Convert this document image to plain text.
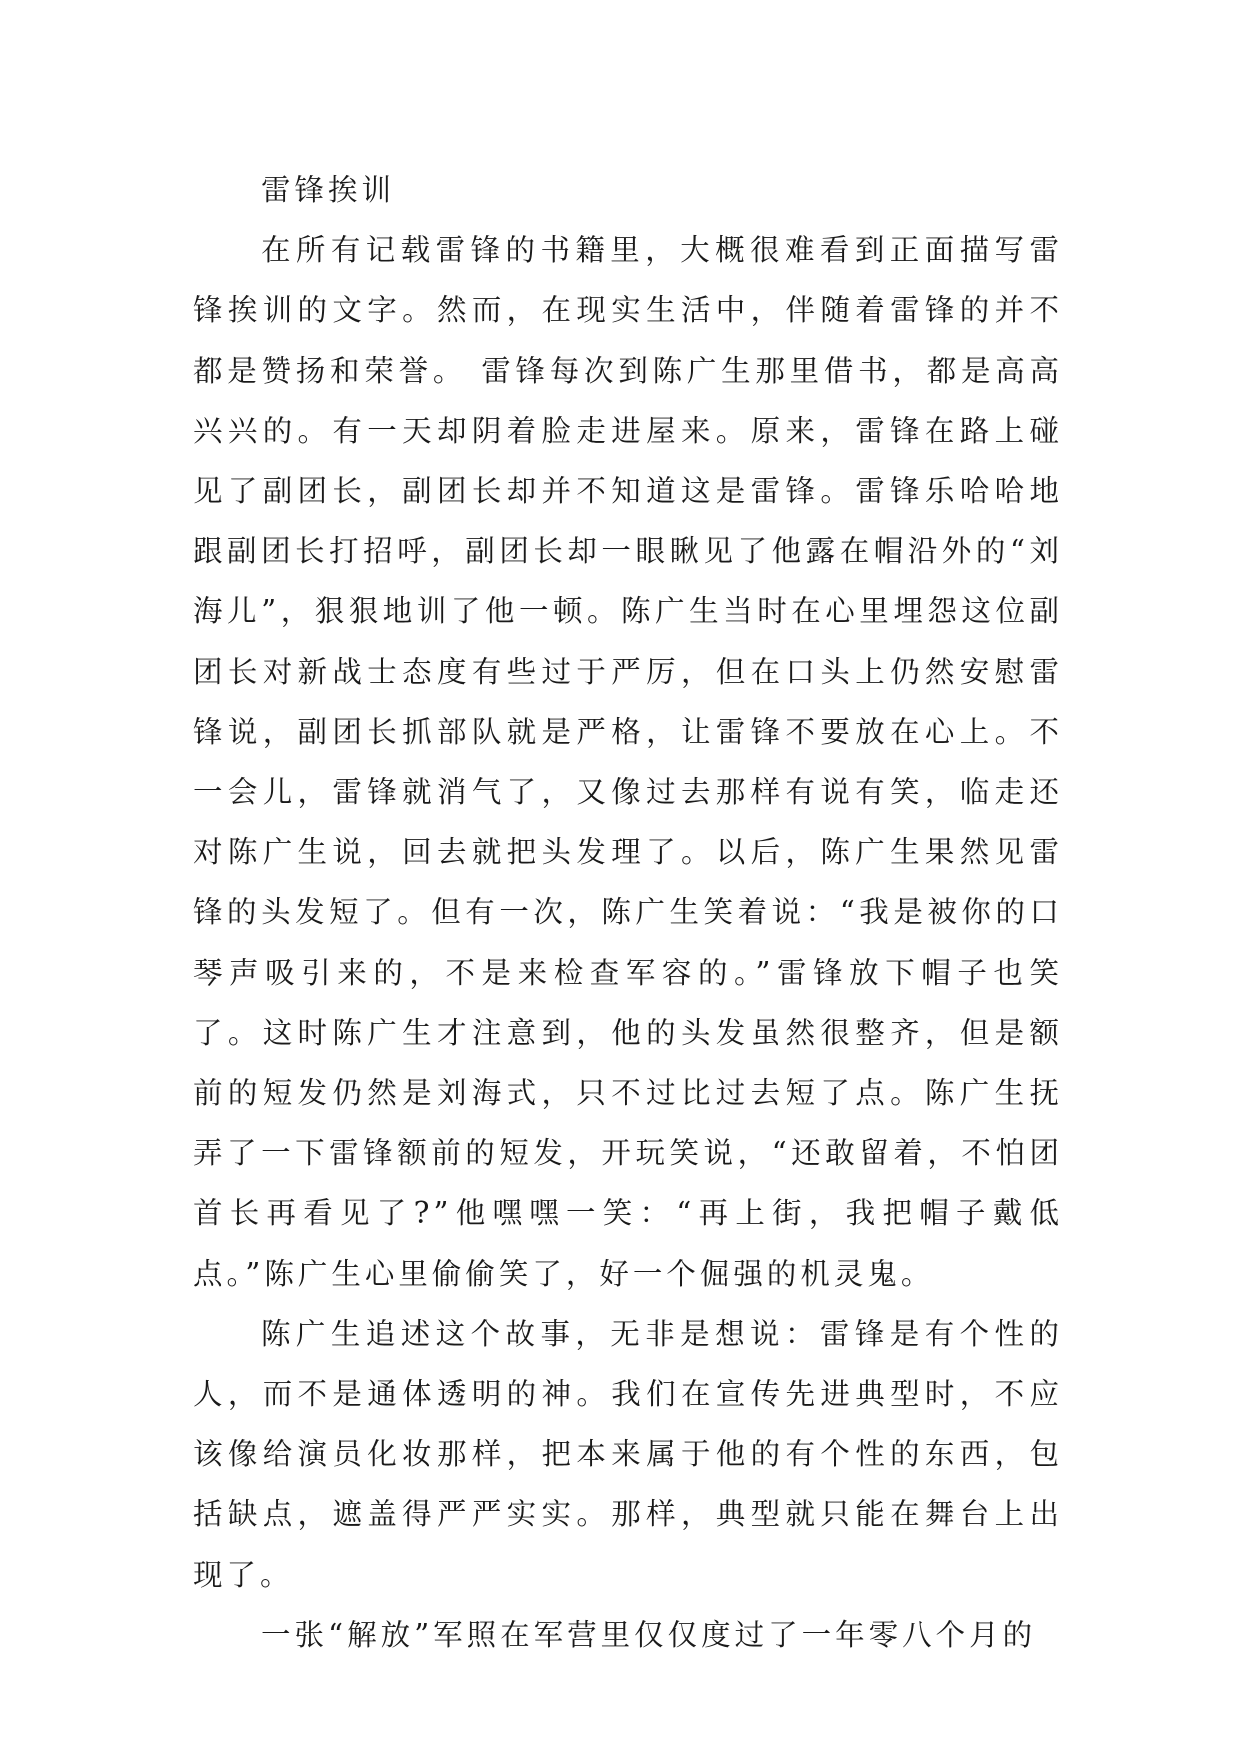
雷锋挨训

在所有记载雷锋的书籍里，大概很难看到正面描写雷锋挨训的文字。然而，在现实生活中，伴随着雷锋的并不都是赞扬和荣誉。 雷锋每次到陈广生那里借书，都是高高兴兴的。有一天却阴着脸走进屋来。原来，雷锋在路上碰见了副团长，副团长却并不知道这是雷锋。雷锋乐哈哈地跟副团长打招呼，副团长却一眼瞅见了他露在帽沿外的“刘海儿”，狠狠地训了他一顿。陈广生当时在心里埋怨这位副团长对新战士态度有些过于严厉，但在口头上仍然安慰雷锋说，副团长抓部队就是严格，让雷锋不要放在心上。不一会儿，雷锋就消气了，又像过去那样有说有笑，临走还对陈广生说，回去就把头发理了。以后，陈广生果然见雷锋的头发短了。但有一次，陈广生笑着说：“我是被你的口琴声吸引来的，不是来检查军容的。”雷锋放下帽子也笑了。这时陈广生才注意到，他的头发虽然很整齐，但是额前的短发仍然是刘海式，只不过比过去短了点。陈广生抚弄了一下雷锋额前的短发，开玩笑说，“还敢留着，不怕团首长再看见了?”他嘿嘿一笑：“再上街，我把帽子戴低点。”陈广生心里偷偷笑了，好一个倔强的机灵鬼。

陈广生追述这个故事，无非是想说：雷锋是有个性的人，而不是通体透明的神。我们在宣传先进典型时，不应该像给演员化妆那样，把本来属于他的有个性的东西，包括缺点，遮盖得严严实实。那样，典型就只能在舞台上出现了。

一张“解放”军照在军营里仅仅度过了一年零八个月的
